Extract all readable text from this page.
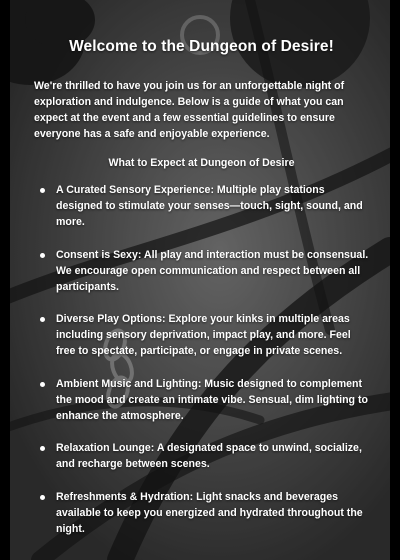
Welcome to the Dungeon of Desire!

We're thrilled to have you join us for an unforgettable night of exploration and indulgence. Below is a guide of what you can expect at the event and a few essential guidelines to ensure everyone has a safe and enjoyable experience.

What to Expect at Dungeon of Desire

A Curated Sensory Experience: Multiple play stations designed to stimulate your senses—touch, sight, sound, and more.
Consent is Sexy: All play and interaction must be consensual. We encourage open communication and respect between all participants.
Diverse Play Options: Explore your kinks in multiple areas including sensory deprivation, impact play, and more. Feel free to spectate, participate, or engage in private scenes.
Ambient Music and Lighting: Music designed to complement the mood and create an intimate vibe. Sensual, dim lighting to enhance the atmosphere.
Relaxation Lounge: A designated space to unwind, socialize, and recharge between scenes.
Refreshments & Hydration: Light snacks and beverages available to keep you energized and hydrated throughout the night.
